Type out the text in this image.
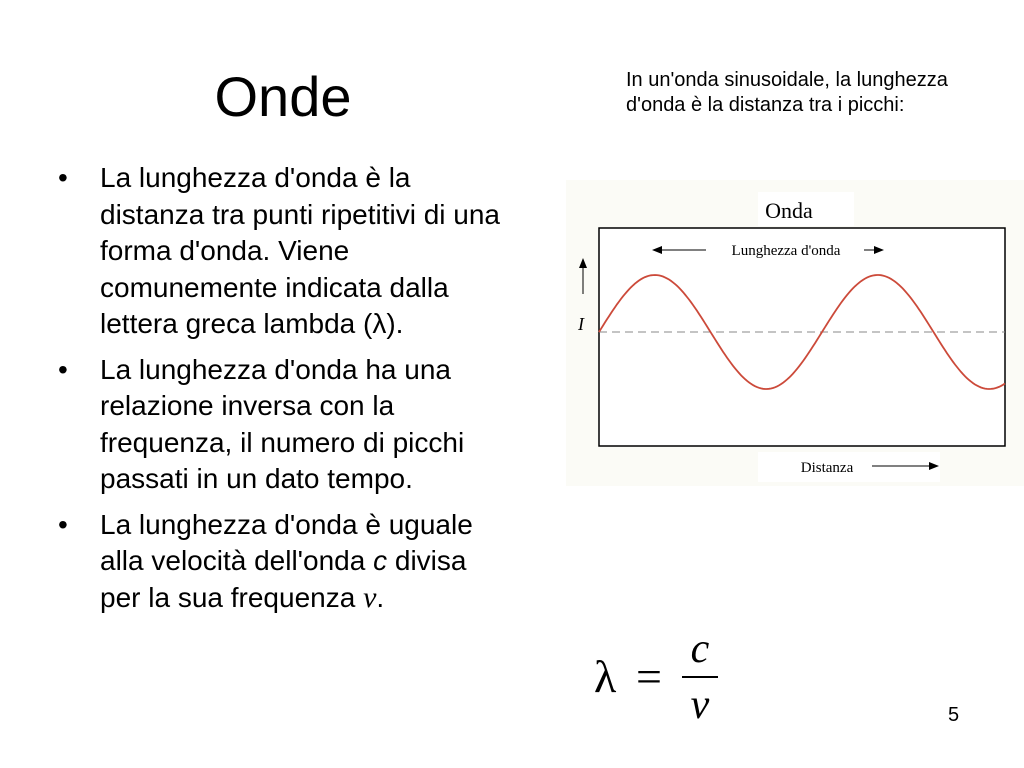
Onde
• La lunghezza d'onda è la distanza tra punti ripetitivi di una forma d'onda. Viene comunemente indicata dalla lettera greca lambda (λ).
• La lunghezza d'onda ha una relazione inversa con la frequenza, il numero di picchi passati in un dato tempo.
• La lunghezza d'onda è uguale alla velocità dell'onda c divisa per la sua frequenza ν.
In un'onda sinusoidale, la lunghezza d'onda è la distanza tra i picchi:
Onda
Lunghezza d'onda
I
Distanza
λ =
c
ν	5
